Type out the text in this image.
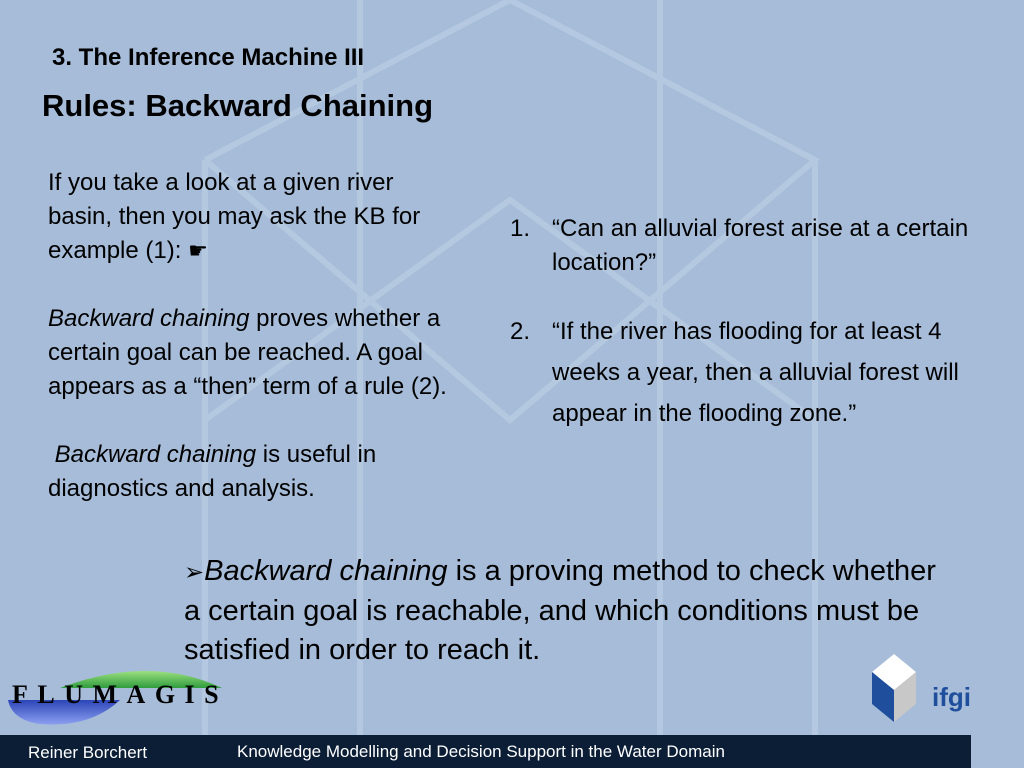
3. The Inference Machine III
Rules: Backward Chaining

If you take a look at a given river basin, then you may ask the KB for example (1): ☛

Backward chaining proves whether a certain goal can be reached. A goal appears as a “then” term of a rule (2).

Backward chaining is useful in diagnostics and analysis.

1. “Can an alluvial forest arise at a certain location?”
2. “If the river has flooding for at least 4 weeks a year, then a alluvial forest will appear in the flooding zone.”
➢Backward chaining is a proving method to check whether a certain goal is reachable, and which conditions must be satisfied in order to reach it.
FLUMAGIS	ifgi
Reiner Borchert	Knowledge Modelling and Decision Support in the Water Domain
